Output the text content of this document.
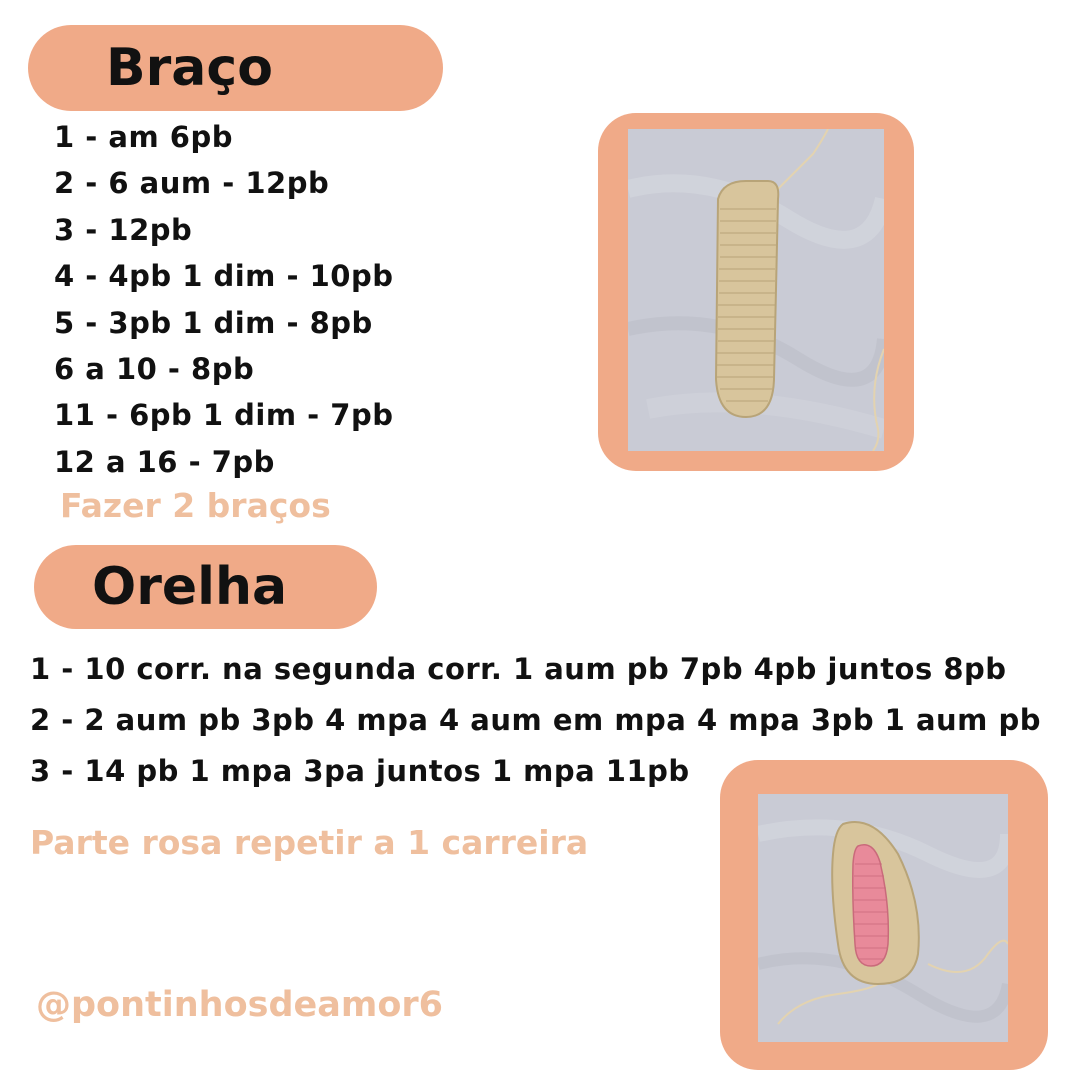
Braço
1 - am 6pb
2 - 6 aum - 12pb
3 - 12pb
4 - 4pb 1 dim - 10pb
5 - 3pb 1 dim - 8pb
6 a 10 - 8pb
11 - 6pb 1 dim - 7pb
12 a 16 - 7pb
Fazer 2 braços
Orelha
1 - 10 corr. na segunda corr. 1 aum pb 7pb 4pb juntos 8pb
2 - 2 aum pb 3pb 4 mpa 4 aum em mpa 4 mpa 3pb 1 aum pb
3 - 14 pb 1 mpa 3pa juntos 1 mpa 11pb
Parte rosa repetir a 1 carreira
@pontinhosdeamor6
